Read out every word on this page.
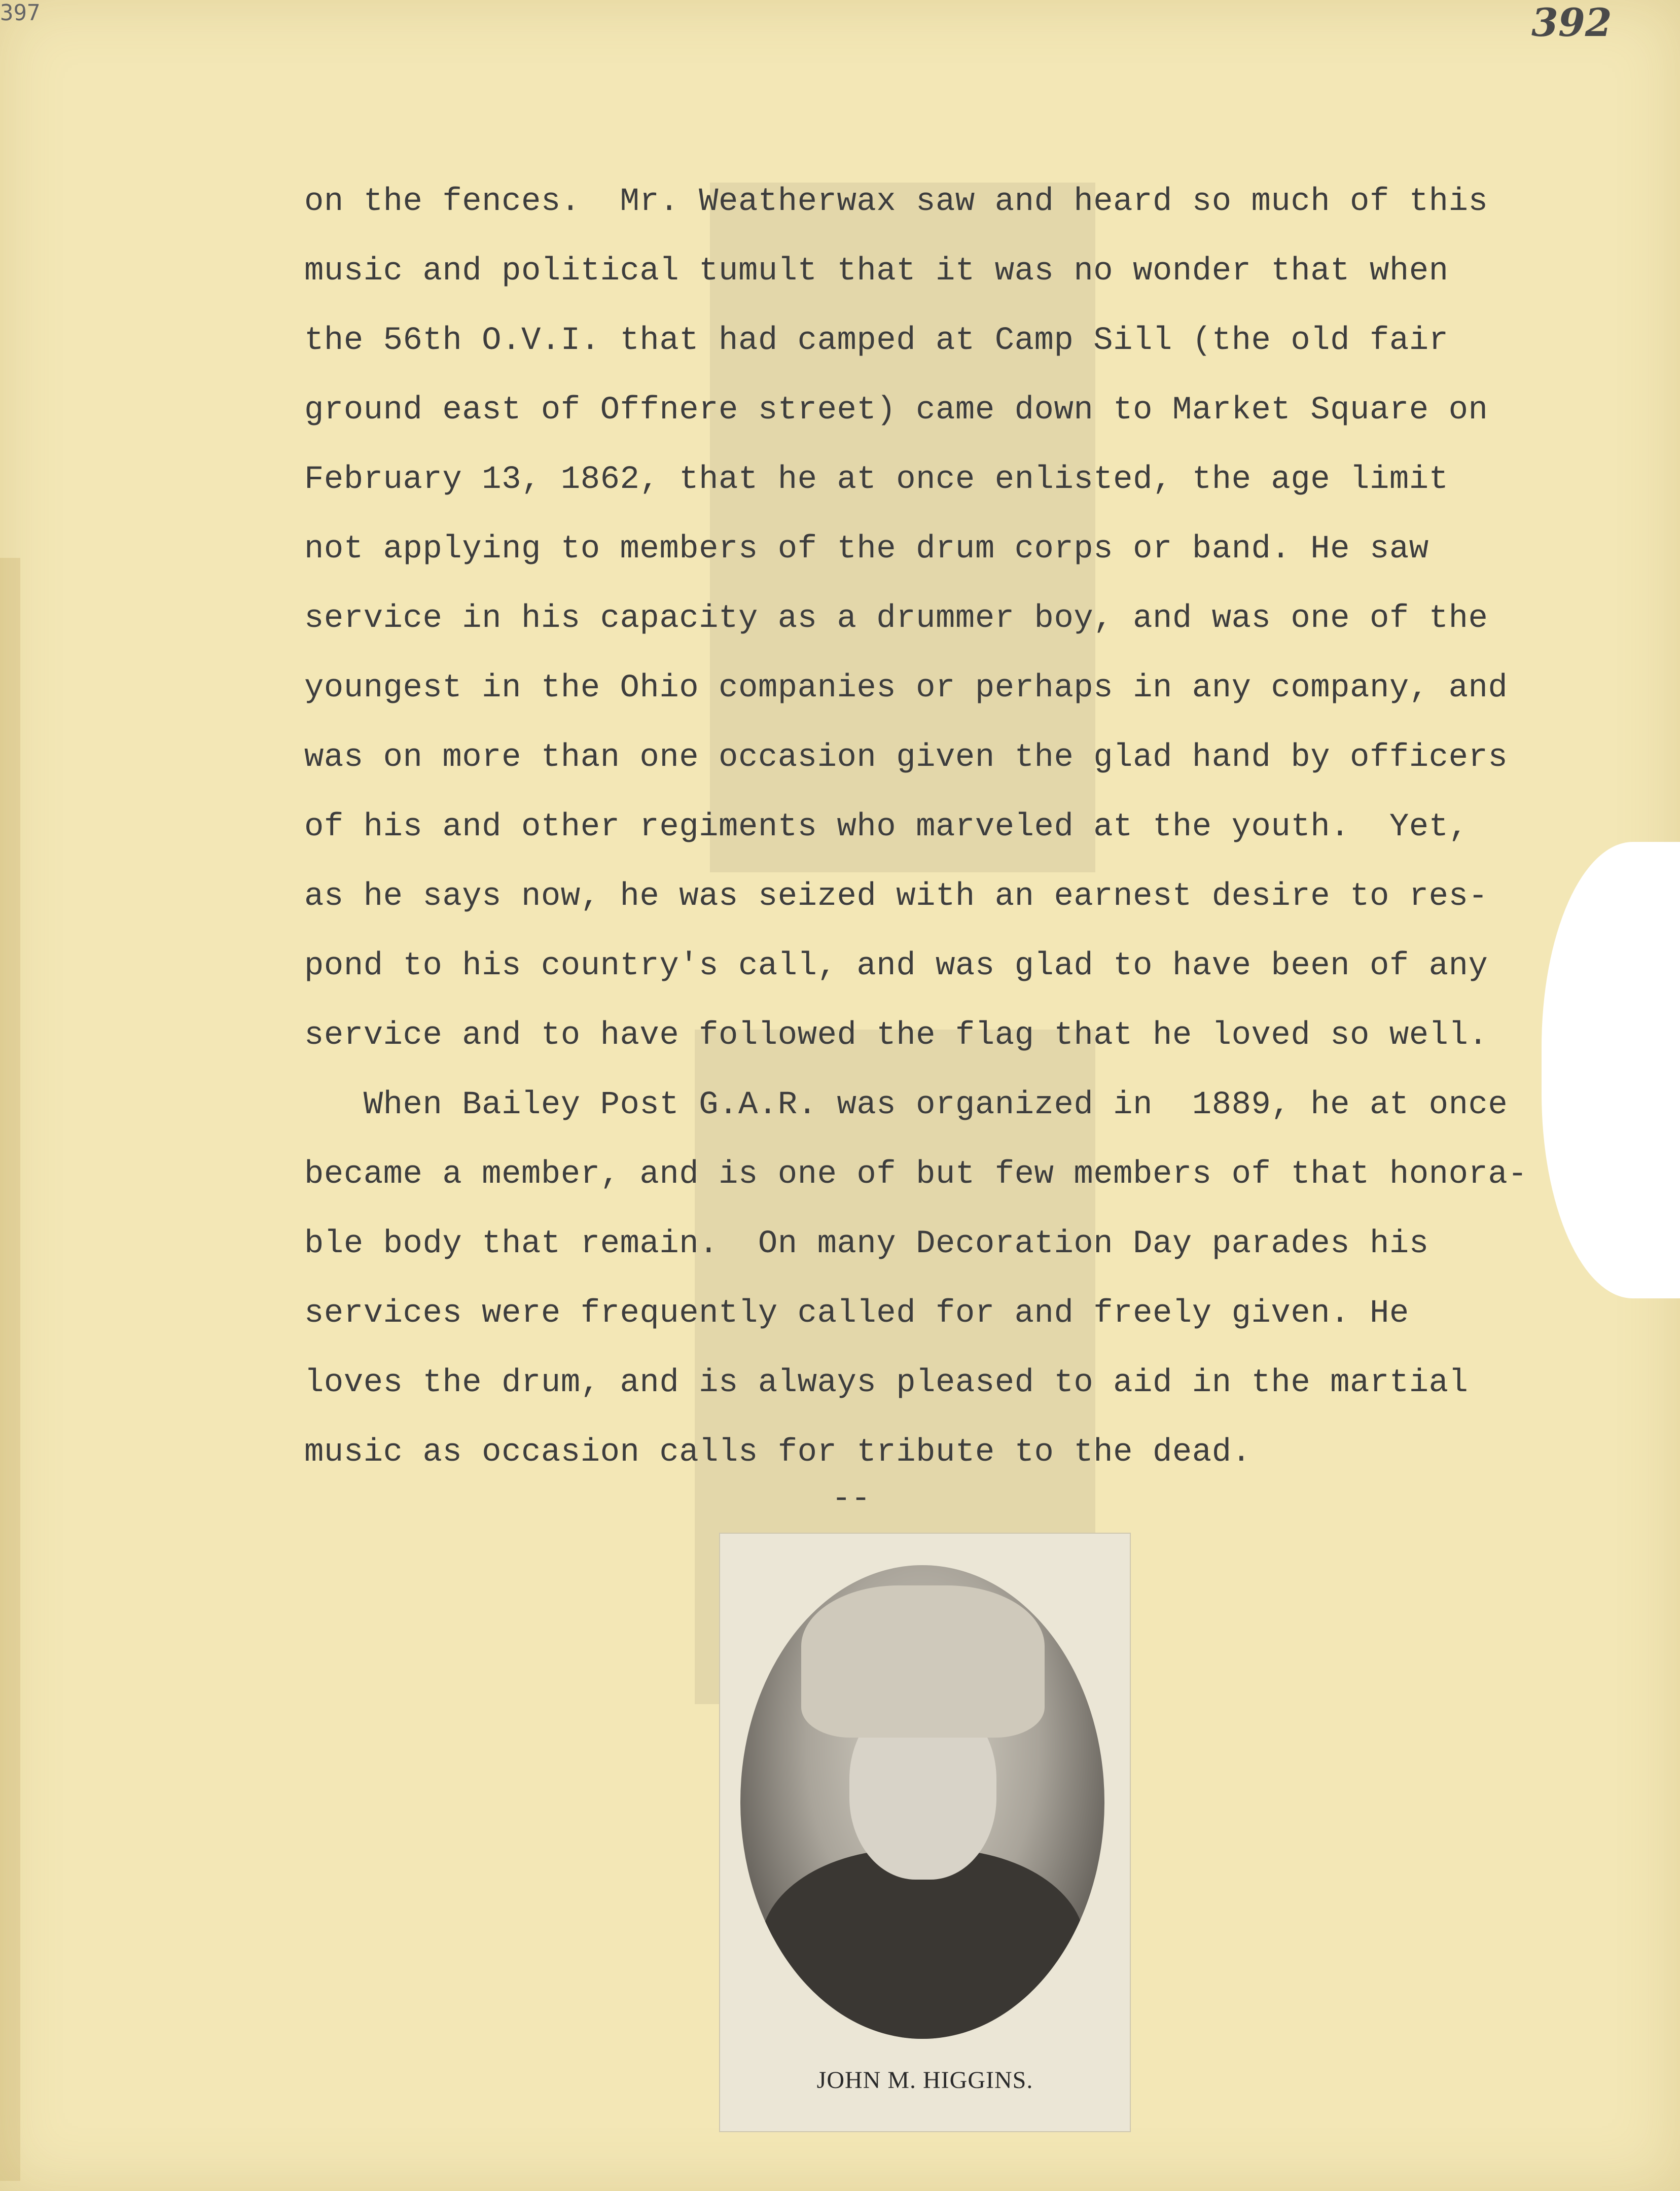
397	392
on the fences.  Mr. Weatherwax saw and heard so much of this
music and political tumult that it was no wonder that when
the 56th O.V.I. that had camped at Camp Sill (the old fair
ground east of Offnere street) came down to Market Square on
February 13, 1862, that he at once enlisted, the age limit
not applying to members of the drum corps or band. He saw
service in his capacity as a drummer boy, and was one of the
youngest in the Ohio companies or perhaps in any company, and
was on more than one occasion given the glad hand by officers
of his and other regiments who marveled at the youth.  Yet,
as he says now, he was seized with an earnest desire to res-
pond to his country's call, and was glad to have been of any
service and to have followed the flag that he loved so well.
When Bailey Post G.A.R. was organized in  1889, he at once
became a member, and is one of but few members of that honora-
ble body that remain.  On many Decoration Day parades his
services were frequently called for and freely given. He
loves the drum, and is always pleased to aid in the martial
music as occasion calls for tribute to the dead.
--
JOHN M. HIGGINS.
